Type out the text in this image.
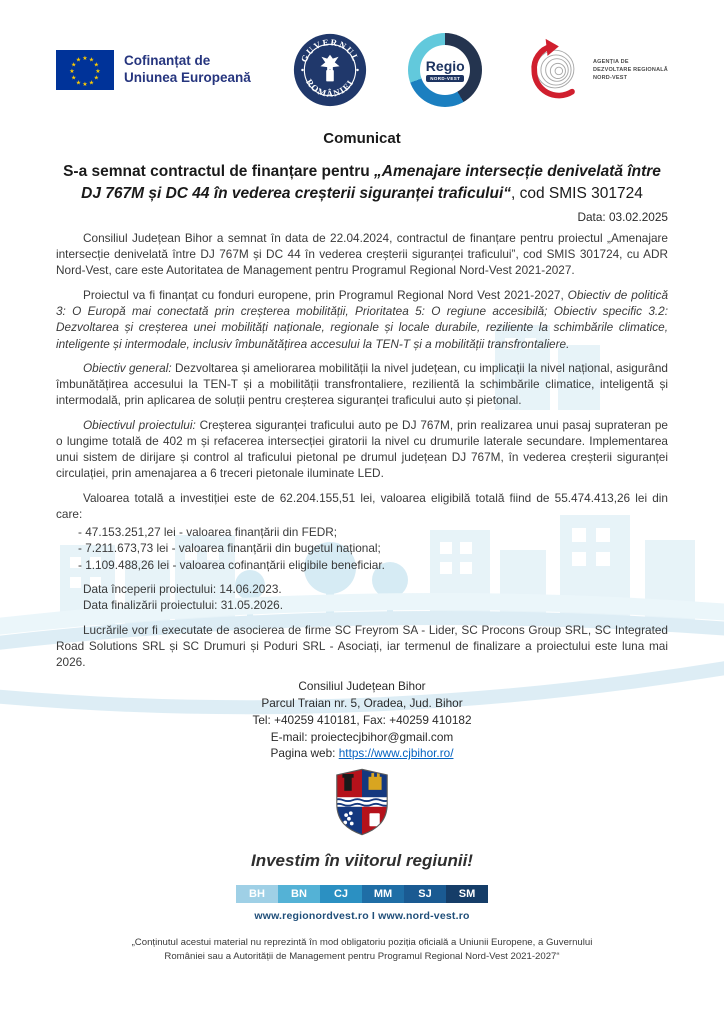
★ ★
★
★
★
★
★
★
★
★
★
★	Cofinanțat de
Uniunea Europeană
GUVERNUL
ROMÂNIEI
Regio
NORD-VEST
AGENȚIA DE
DEZVOLTARE REGIONALĂ
NORD-VEST
Comunicat
S-a semnat contractul de finanțare pentru „Amenajare intersecție denivelată între DJ 767M și DC 44 în vederea creșterii siguranței traficului“, cod SMIS 301724
Data: 03.02.2025

Consiliul Județean Bihor a semnat în data de 22.04.2024, contractul de finanțare pentru proiectul „Amenajare intersecție denivelată între DJ 767M și DC 44 în vederea creșterii siguranței traficului”, cod SMIS 301724, cu ADR Nord-Vest, care este Autoritatea de Management pentru Programul Regional Nord-Vest 2021-2027.

Proiectul va fi finanțat cu fonduri europene, prin Programul Regional Nord Vest 2021-2027, Obiectiv de politică 3: O Europă mai conectată prin creșterea mobilității, Prioritatea 5: O regiune accesibilă; Obiectiv specific 3.2: Dezvoltarea și creșterea unei mobilități naționale, regionale și locale durabile, reziliente la schimbările climatice, inteligente și intermodale, inclusiv îmbunătățirea accesului la TEN-T și a mobilității transfrontaliere.

Obiectiv general: Dezvoltarea și ameliorarea mobilității la nivel județean, cu implicații la nivel național, asigurând îmbunătățirea accesului la TEN-T și a mobilității transfrontaliere, rezilientă la schimbările climatice, inteligentă și intermodală, prin aplicarea de soluții pentru creșterea siguranței traficului auto și pietonal.

Obiectivul proiectului: Creșterea siguranței traficului auto pe DJ 767M, prin realizarea unui pasaj suprateran pe o lungime totală de 402 m și refacerea intersecției giratorii la nivel cu drumurile laterale secundare. Implementarea unui sistem de dirijare și control al traficului pietonal pe drumul județean DJ 767M, în vederea creșterii siguranței circulației, prin amenajarea a 6 treceri pietonale iluminate LED.

Valoarea totală a investiției este de 62.204.155,51 lei, valoarea eligibilă totală fiind de 55.474.413,26 lei din care:

- 47.153.251,27 lei - valoarea finanțării din FEDR;
- 7.211.673,73 lei - valoarea finanțării din bugetul național;
- 1.109.488,26 lei - valoarea cofinanțării eligibile beneficiar.
Data începerii proiectului: 14.06.2023.
Data finalizării proiectului: 31.05.2026.

Lucrările vor fi executate de asocierea de firme SC Freyrom SA - Lider, SC Procons Group SRL, SC Integrated Road Solutions SRL și SC Drumuri și Poduri SRL - Asociați, iar termenul de finalizare a proiectului este luna mai 2026.

Consiliul Județean Bihor
Parcul Traian nr. 5, Oradea, Jud. Bihor
Tel: +40259 410181, Fax: +40259 410182
E-mail: proiectecjbihor@gmail.com
Pagina web: https://www.cjbihor.ro/
Investim în viitorul regiunii!
BH	BN	CJ	MM	SJ	SM
www.regionordvest.ro I www.nord-vest.ro
„Conținutul acestui material nu reprezintă în mod obligatoriu poziția oficială a Uniunii Europene, a Guvernului
României sau a Autorității de Management pentru Programul Regional Nord-Vest 2021-2027“
